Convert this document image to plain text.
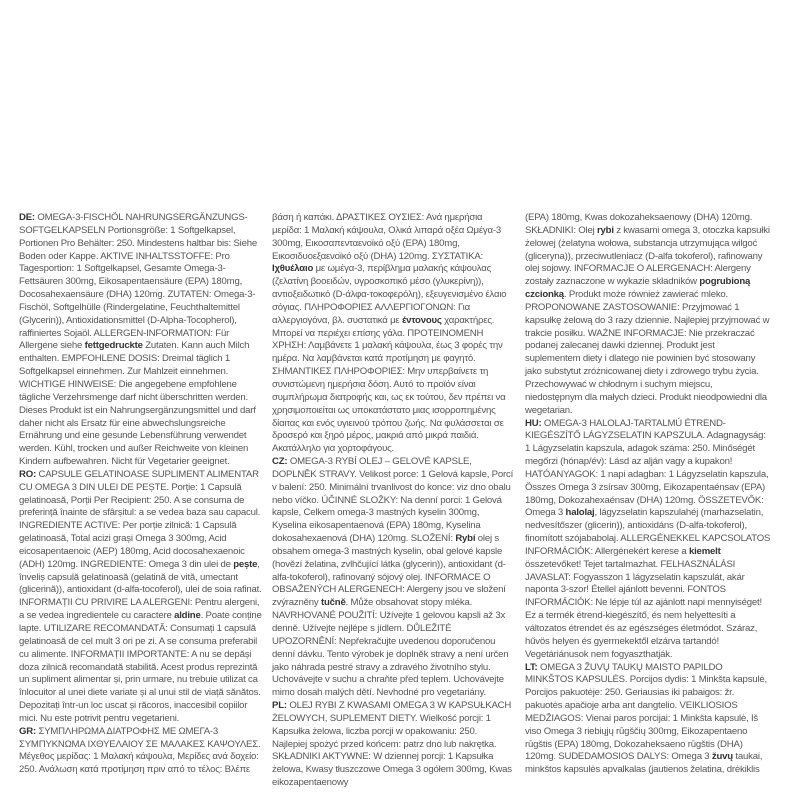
DE: OMEGA-3-FISCHÖL NAHRUNGSERGÄNZUNGS-SOFTGELKAPSELN Portionsgröße: 1 Softgelkapsel, Portionen Pro Behälter: 250. Mindestens haltbar bis: Siehe Boden oder Kappe. AKTIVE INHALTSSTOFFE: Pro Tagesportion: 1 Softgelkapsel, Gesamte Omega-3-Fettsäuren 300mg, Eikosapentaensäure (EPA) 180mg, Docosahexaensäure (DHA) 120mg. ZUTATEN: Omega-3-Fischöl, Softgelhülle (Rindergelatine, Feuchthaltemittel (Glycerin)), Antioxidationsmittel (D-Alpha-Tocopherol), raffiniertes Sojaöl. ALLERGEN-INFORMATION: Für Allergene siehe fettgedruckte Zutaten. Kann auch Milch enthalten. EMPFOHLENE DOSIS: Dreimal täglich 1 Softgelkapsel einnehmen. Zur Mahlzeit einnehmen. WICHTIGE HINWEISE: Die angegebene empfohlene tägliche Verzehrsmenge darf nicht überschritten werden. Dieses Produkt ist ein Nahrungsergänzungsmittel und darf daher nicht als Ersatz für eine abwechslungsreiche Ernährung und eine gesunde Lebensführung verwendet werden. Kühl, trocken und außer Reichweite von kleinen Kindern aufbewahren. Nicht für Vegetarier geeignet.
RO: CAPSULE GELATINOASE SUPLIMENT ALIMENTAR CU OMEGA 3 DIN ULEI DE PEȘTE. Porție: 1 Capsulă gelatinoasă, Porții Per Recipient: 250. A se consuma de preferință înainte de sfârșitul: a se vedea baza sau capacul. INGREDIENTE ACTIVE: Per porție zilnică: 1 Capsulă gelatinoasă, Total acizi grași Omega 3 300mg, Acid eicosapentaenoic (AEP) 180mg, Acid docosahexaenoic (ADH) 120mg. INGREDIENTE: Omega 3 din ulei de pește, înveliș capsulă gelatinoasă (gelatină de vită, umectant (glicerină)), antioxidant (d-alfa-tocoferol), ulei de soia rafinat. INFORMAȚII CU PRIVIRE LA ALERGENI: Pentru alergeni, a se vedea ingredientele cu caractere aldine. Poate conține lapte. UTILIZARE RECOMANDATĂ: Consumați 1 capsulă gelatinoasă de cel mult 3 ori pe zi. A se consuma preferabil cu alimente. INFORMAȚII IMPORTANTE: A nu se depăși doza zilnică recomandată stabilită. Acest produs reprezintă un supliment alimentar și, prin urmare, nu trebuie utilizat ca înlocuitor al unei diete variate și al unui stil de viață sănătos. Depozitați într-un loc uscat și răcoros, inaccesibil copiilor mici. Nu este potrivit pentru vegetarieni.
GR: ΣΥΜΠΛΗΡΩΜΑ ΔΙΑΤΡΟΦΗΣ ΜΕ ΩΜΕΓΑ-3 ΣΥΜΠΥΚΝΩΜΑ ΙΧΘΥΕΛΑΙΟΥ ΣΕ ΜΑΛΑΚΕΣ ΚΑΨΟΥΛΕΣ. Μέγεθος μερίδας: 1 Μαλακή κάψουλα, Μερίδες ανά δοχείο: 250. Ανάλωση κατά προτίμηση πριν από το τέλος: Βλέπε
βάση ή καπάκι. ΔΡΑΣΤΙΚΕΣ ΟΥΣΙΕΣ: Ανά ημερήσια μερίδα: 1 Μαλακή κάψουλα, Ολικά λιπαρά οξέα Ωμέγα-3 300mg, Εικοσαπενταενοϊκό οξύ (EPA) 180mg, Εικοσιδυοεξαενοϊκό οξύ (DHA) 120mg. ΣΥΣΤΑΤΙΚΑ: Ιχθυέλαιο με ωμέγα-3, περίβλημα μαλακής κάψουλας (ζελατίνη βοοειδών, υγροσκοπικό μέσο (γλυκερίνη)), αντιοξειδωτικό (D-άλφα-τοκοφερόλη), εξευγενισμένο έλαιο σόγιας. ΠΛΗΡΟΦΟΡΙΕΣ ΑΛΛΕΡΓΙΟΓΟΝΩΝ: Για αλλεργιογόνα, βλ. συστατικά με έντονους χαρακτήρες. Μπορεί να περιέχει επίσης γάλα. ΠΡΟΤΕΙΝΟΜΕΝΗ ΧΡΗΣΗ: Λαμβάνετε 1 μαλακή κάψουλα, έως 3 φορές την ημέρα. Να λαμβάνεται κατά προτίμηση με φαγητό. ΣΗΜΑΝΤΙΚΕΣ ΠΛΗΡΟΦΟΡΙΕΣ: Μην υπερβαίνετε τη συνιστώμενη ημερήσια δόση. Αυτό το προϊόν είναι συμπλήρωμα διατροφής και, ως εκ τούτου, δεν πρέπει να χρησιμοποιείται ως υποκατάστατο μιας ισορροπημένης δίαιτας και ενός υγιεινού τρόπου ζωής. Να φυλάσσεται σε δροσερό και ξηρό μέρος, μακριά από μικρά παιδιά. Ακατάλληλο για χορτοφάγους.
CZ: OMEGA-3 RYBÍ OLEJ – GELOVÉ KAPSLE, DOPLNĚK STRAVY. Velikost porce: 1 Gelová kapsle, Porcí v balení: 250. Minimální trvanlivost do konce: viz dno obalu nebo víčko. ÚČINNÉ SLOŽKY: Na denní porci: 1 Gelová kapsle, Celkem omega-3 mastných kyselin 300mg, Kyselina eikosapentaenová (EPA) 180mg, Kyselina dokosahexaenová (DHA) 120mg. SLOŽENÍ: Rybí olej s obsahem omega-3 mastných kyselin, obal gelové kapsle (hovězí želatina, zvlhčující látka (glycerin)), antioxidant (d-alfa-tokoferol), rafinovaný sójový olej. INFORMACE O OBSAŽENÝCH ALERGENECH: Alergeny jsou ve složení zvýrazněny tučně. Může obsahovat stopy mléka. NAVRHOVANÉ POUŽITÍ: Užívejte 1 gelovou kapsli až 3x denně. Užívejte nejlépe s jídlem. DŮLEŽITÉ UPOZORNĚNÍ: Nepřekračujte uvedenou doporučenou denní dávku. Tento výrobek je doplněk stravy a není určen jako náhrada pestré stravy a zdravého životního stylu. Uchovávejte v suchu a chraňte před teplem. Uchovávejte mimo dosah malých dětí. Nevhodné pro vegetariány.
PL: OLEJ RYBI Z KWASAMI OMEGA 3 W KAPSUŁKACH ŻELOWYCH, SUPLEMENT DIETY. Wielkość porcji: 1 Kapsułka żelowa, liczba porcji w opakowaniu: 250. Najlepiej spożyć przed końcem: patrz dno lub nakrętka. SKŁADNIKI AKTYWNE: W dziennej porcji: 1 Kapsułka żelowa, Kwasy tłuszczowe Omega 3 ogółem 300mg, Kwas eikozapentaenowy
(EPA) 180mg, Kwas dokozaheksaenowy (DHA) 120mg. SKŁADNIKI: Olej rybi z kwasami omega 3, otoczka kapsułki żelowej (żelatyna wołowa, substancja utrzymująca wilgoć (gliceryna)), przeciwutleniacz (D-alfa tokoferol), rafinowany olej sojowy. INFORMACJE O ALERGENACH: Alergeny zostały zaznaczone w wykazie składników pogrubioną czcionką. Produkt może również zawierać mleko. PROPONOWANE ZASTOSOWANIE: Przyjmować 1 kapsułkę żelową do 3 razy dziennie. Najlepiej przyjmować w trakcie posiłku. WAŻNE INFORMACJE: Nie przekraczać podanej zalecanej dawki dziennej. Produkt jest suplementem diety i dlatego nie powinien być stosowany jako substytut zróżnicowanej diety i zdrowego trybu życia. Przechowywać w chłodnym i suchym miejscu, niedostępnym dla małych dzieci. Produkt nieodpowiedni dla wegetarian.
HU: OMEGA-3 HALOLAJ-TARTALMÚ ÉTREND-KIEGÉSZÍTŐ LÁGYZSELATIN KAPSZULA. Adagnagyság: 1 Lágyzselatin kapszula, adagok száma: 250. Minőségét megőrzi (hónap/év): Lásd az alján vagy a kupakon! HATÓANYAGOK: 1 napi adagban: 1 Lágyzselatin kapszula, Összes Omega 3 zsírsav 300mg, Eikozapentaénsav (EPA) 180mg, Dokozahexaénsav (DHA) 120mg. ÖSSZETEVŐK: Omega 3 halolaj, lágyzselatin kapszulahéj (marhazselatin, nedvesítőszer (glicerin)), antioxidáns (D-alfa-tokoferol), finomított szójababolaj. ALLERGÉNEKKEL KAPCSOLATOS INFORMÁCIÓK: Allergénekért kerese a kiemelt összetevőket! Tejet tartalmazhat. FELHASZNÁLÁSI JAVASLAT: Fogyasszon 1 lágyzselatin kapszulát, akár naponta 3-szor! Étellel ajánlott bevenni. FONTOS INFORMÁCIÓK: Ne lépje túl az ajánlott napi mennyiséget! Ez a termék étrend-kiegészítő, és nem helyettesíti a változatos étrendet és az egészséges életmódot. Száraz, hűvös helyen és gyermekektől elzárva tartandó! Vegetáriánusok nem fogyaszthatják.
LT: OMEGA 3 ŽUVŲ TAUKŲ MAISTO PAPILDO MINKŠTOS KAPSULĖS. Porcijos dydis: 1 Minkšta kapsulė, Porcijos pakuotėje: 250. Geriausias iki pabaigos: žr. pakuotės apačioje arba ant dangtelio. VEIKLIOSIOS MEDŽIAGOS: Vienai paros porcijai: 1 Minkšta kapsulė, Iš viso Omega 3 riebiųjų rūgščių 300mg, Eikozapentaeno rūgštis (EPA) 180mg, Dokozaheksaeno rūgštis (DHA) 120mg. SUDEDAMOSIOS DALYS: Omega 3 žuvų taukai, minkštos kapsulės apvalkalas (jautienos želatina, drėkiklis
